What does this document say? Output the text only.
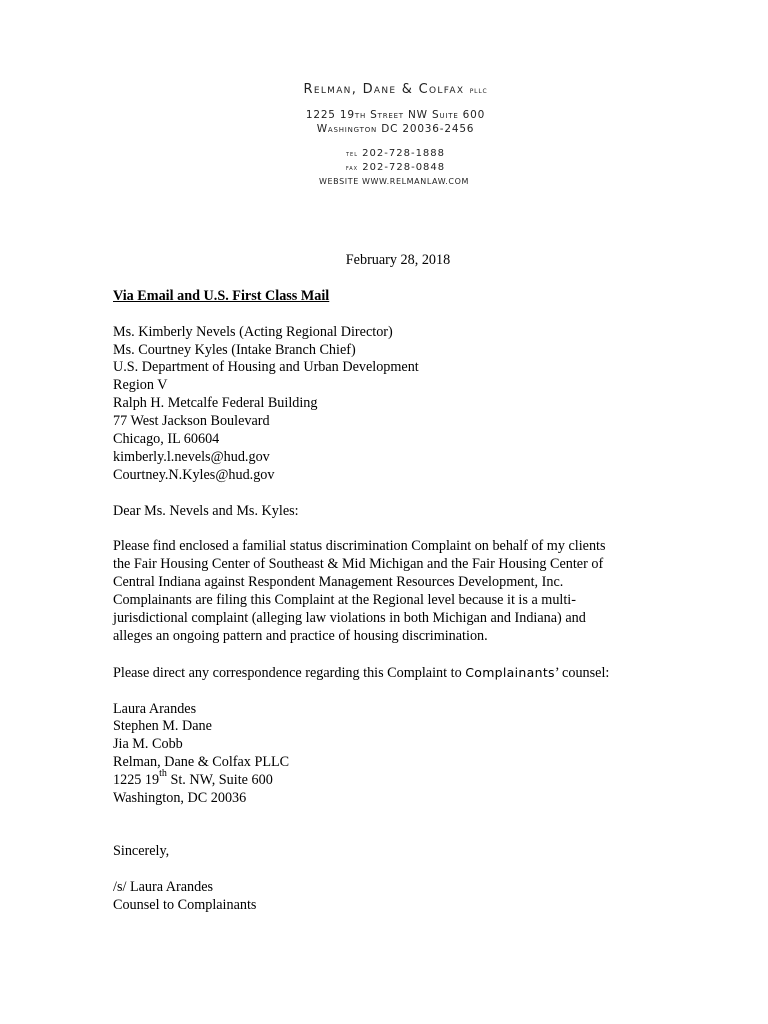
Relman, Dane & Colfax pllc
1225 19th Street NW Suite 600
Washington DC 20036-2456
tel 202-728-1888
fax 202-728-0848
WEBSITE WWW.RELMANLAW.COM
February 28, 2018
Via Email and U.S. First Class Mail
Ms. Kimberly Nevels (Acting Regional Director)
Ms. Courtney Kyles (Intake Branch Chief)
U.S. Department of Housing and Urban Development
Region V
Ralph H. Metcalfe Federal Building
77 West Jackson Boulevard
Chicago, IL 60604
kimberly.l.nevels@hud.gov
Courtney.N.Kyles@hud.gov
Dear Ms. Nevels and Ms. Kyles:
Please find enclosed a familial status discrimination Complaint on behalf of my clients
the Fair Housing Center of Southeast & Mid Michigan and the Fair Housing Center of
Central Indiana against Respondent Management Resources Development, Inc.
Complainants are filing this Complaint at the Regional level because it is a multi-
jurisdictional complaint (alleging law violations in both Michigan and Indiana) and
alleges an ongoing pattern and practice of housing discrimination.
Please direct any correspondence regarding this Complaint to Complainants’ counsel:
Laura Arandes
Stephen M. Dane
Jia M. Cobb
Relman, Dane & Colfax PLLC
1225 19th St. NW, Suite 600
Washington, DC 20036
Sincerely,
/s/ Laura Arandes
Counsel to Complainants
